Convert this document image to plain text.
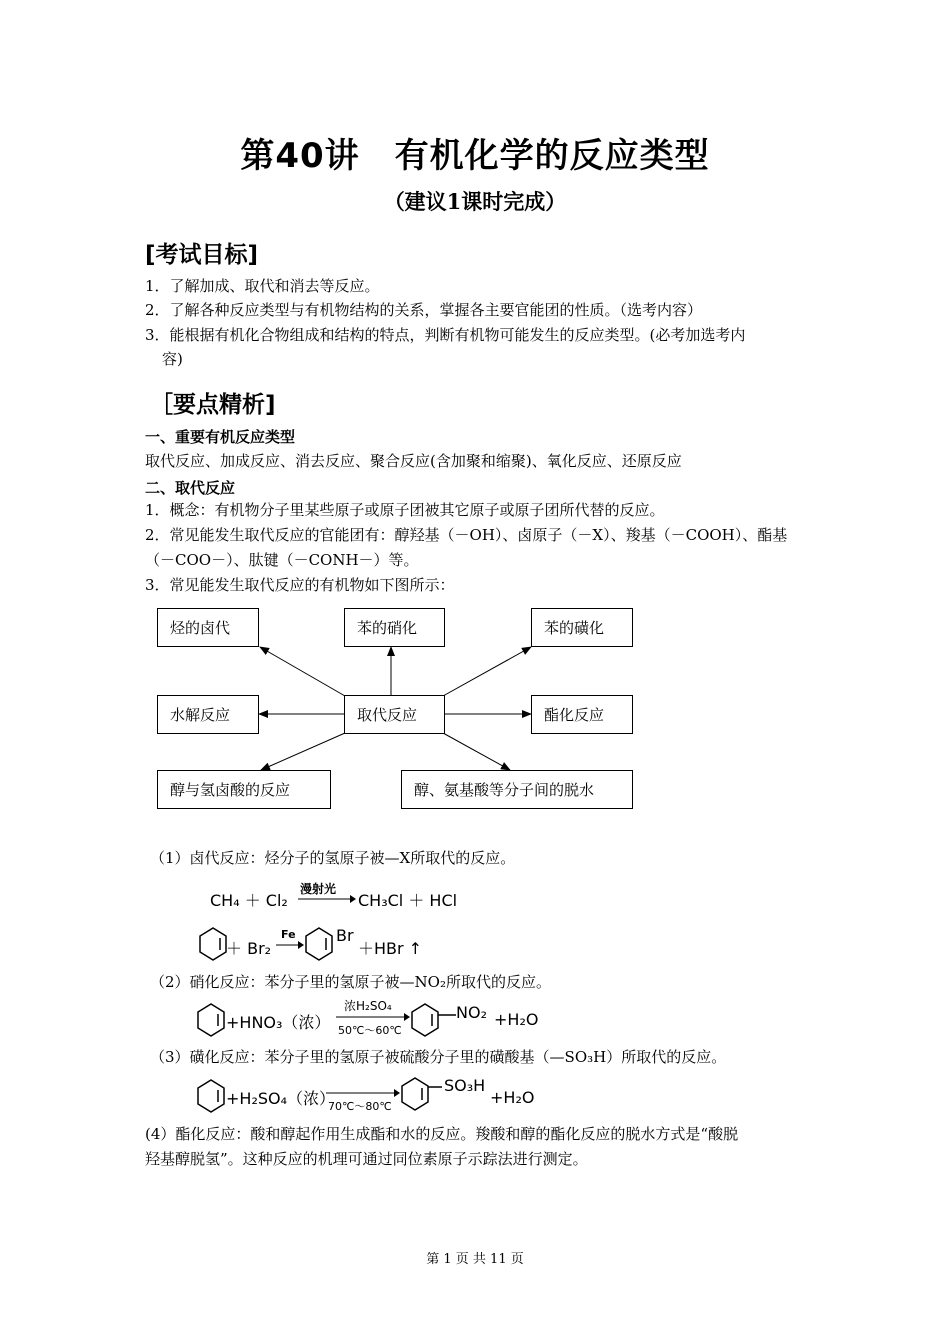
第40讲　有机化学的反应类型
（建议1课时完成）
[考试目标]
1．了解加成、取代和消去等反应。
2．了解各种反应类型与有机物结构的关系，掌握各主要官能团的性质。（选考内容）
3．能根据有机化合物组成和结构的特点，判断有机物可能发生的反应类型。(必考加选考内
容)
［要点精析]
一、重要有机反应类型
取代反应、加成反应、消去反应、聚合反应(含加聚和缩聚)、氧化反应、还原反应
二、取代反应
1．概念：有机物分子里某些原子或原子团被其它原子或原子团所代替的反应。
2．常见能发生取代反应的官能团有：醇羟基（－OH）、卤原子（－X）、羧基（－COOH）、酯基
（－COO－）、肽键（－CONH－）等。
3．常见能发生取代反应的有机物如下图所示：
烃的卤代	苯的硝化	苯的磺化
水解反应	取代反应	酯化反应
醇与氢卤酸的反应	醇、氨基酸等分子间的脱水
（1）卤代反应：烃分子的氢原子被—X所取代的反应。
CH₄ ＋ Cl₂
漫射光
CH₃Cl ＋ HCl
＋ Br₂
Fe	Br
＋HBr ↑
（2）硝化反应：苯分子里的氢原子被—NO₂所取代的反应。
+HNO₃（浓）
浓H₂SO₄
50℃～60℃
NO₂ +H₂O
（3）磺化反应：苯分子里的氢原子被硫酸分子里的磺酸基（—SO₃H）所取代的反应。
+H₂SO₄（浓）
70℃～80℃
SO₃H
+H₂O
(4）酯化反应：酸和醇起作用生成酯和水的反应。羧酸和醇的酯化反应的脱水方式是“酸脱
羟基醇脱氢”。这种反应的机理可通过同位素原子示踪法进行测定。
第 1 页 共 11 页
